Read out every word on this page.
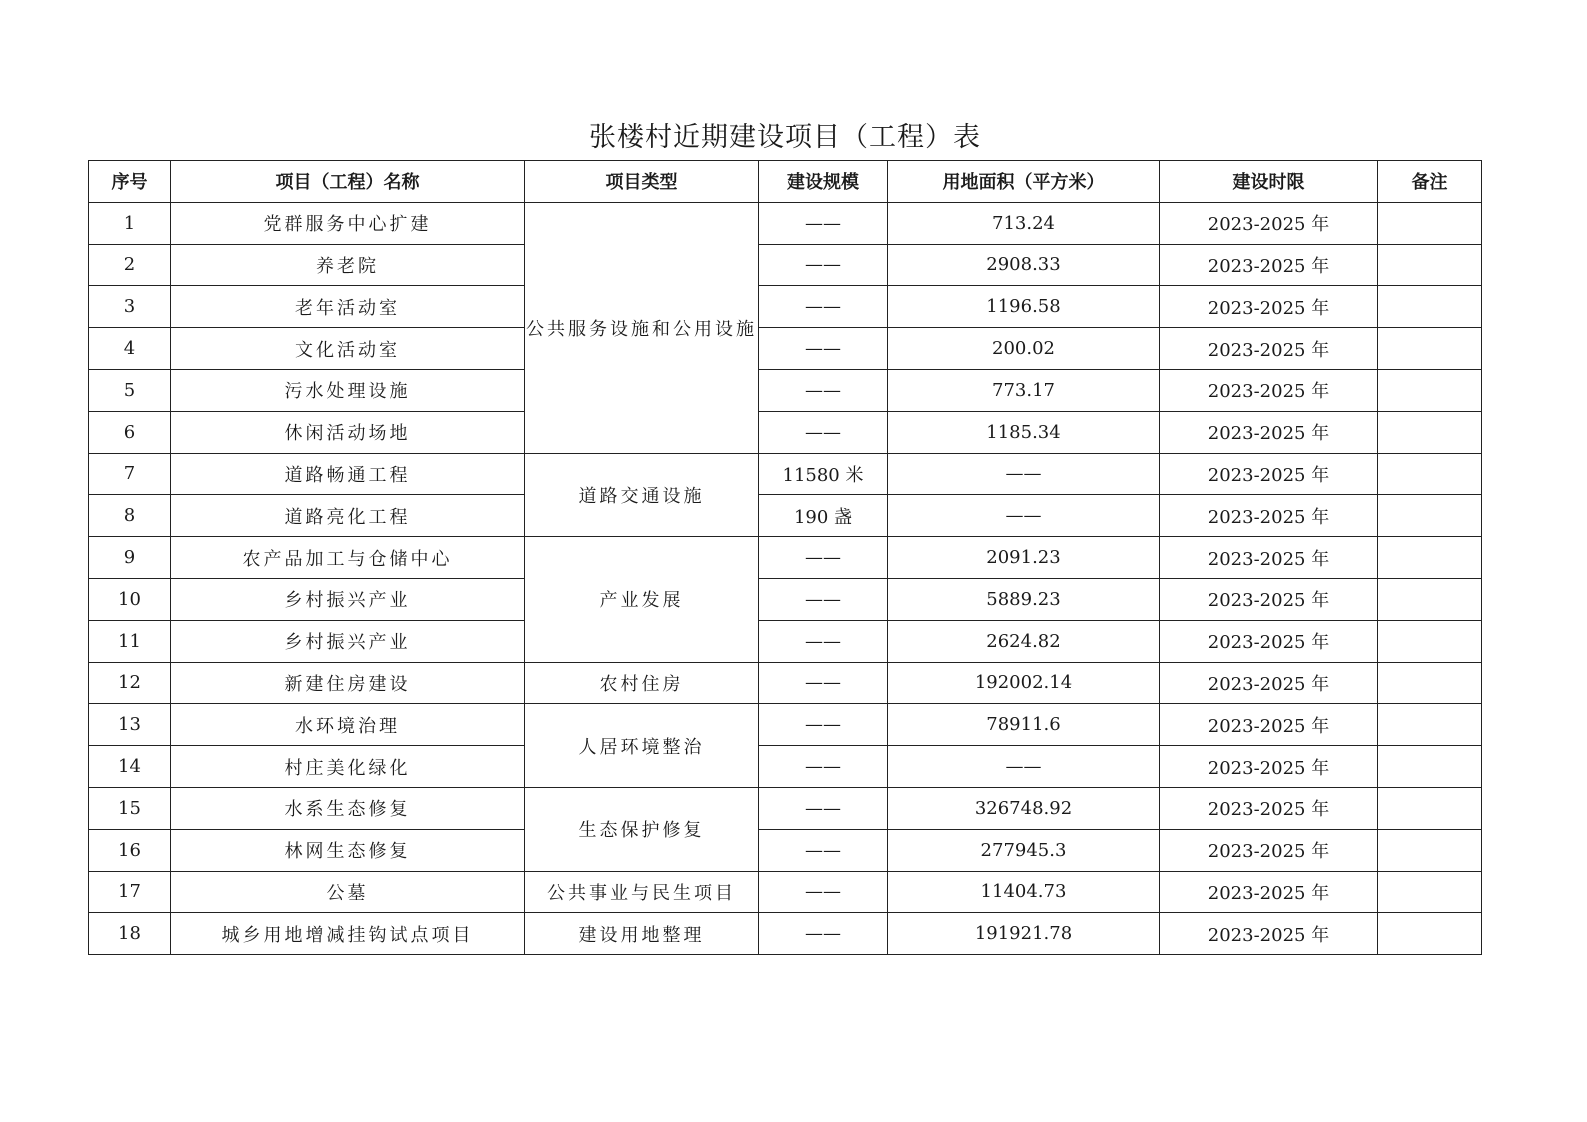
张楼村近期建设项目（工程）表
序号	项目（工程）名称	项目类型	建设规模	用地面积（平方米）	建设时限	备注
1	党群服务中心扩建	公共服务设施和公用设施	——	713.24	2023-2025 年	
2	养老院		——	2908.33	2023-2025 年	
3	老年活动室		——	1196.58	2023-2025 年	
4	文化活动室		——	200.02	2023-2025 年	
5	污水处理设施		——	773.17	2023-2025 年	
6	休闲活动场地		——	1185.34	2023-2025 年	
7	道路畅通工程	道路交通设施	11580 米	——	2023-2025 年	
8	道路亮化工程		190 盏	——	2023-2025 年	
9	农产品加工与仓储中心	产业发展	——	2091.23	2023-2025 年	
10	乡村振兴产业		——	5889.23	2023-2025 年	
11	乡村振兴产业		——	2624.82	2023-2025 年	
12	新建住房建设	农村住房	——	192002.14	2023-2025 年	
13	水环境治理	人居环境整治	——	78911.6	2023-2025 年	
14	村庄美化绿化		——	——	2023-2025 年	
15	水系生态修复	生态保护修复	——	326748.92	2023-2025 年	
16	林网生态修复		——	277945.3	2023-2025 年	
17	公墓	公共事业与民生项目	——	11404.73	2023-2025 年	
18	城乡用地增减挂钩试点项目	建设用地整理	——	191921.78	2023-2025 年	
